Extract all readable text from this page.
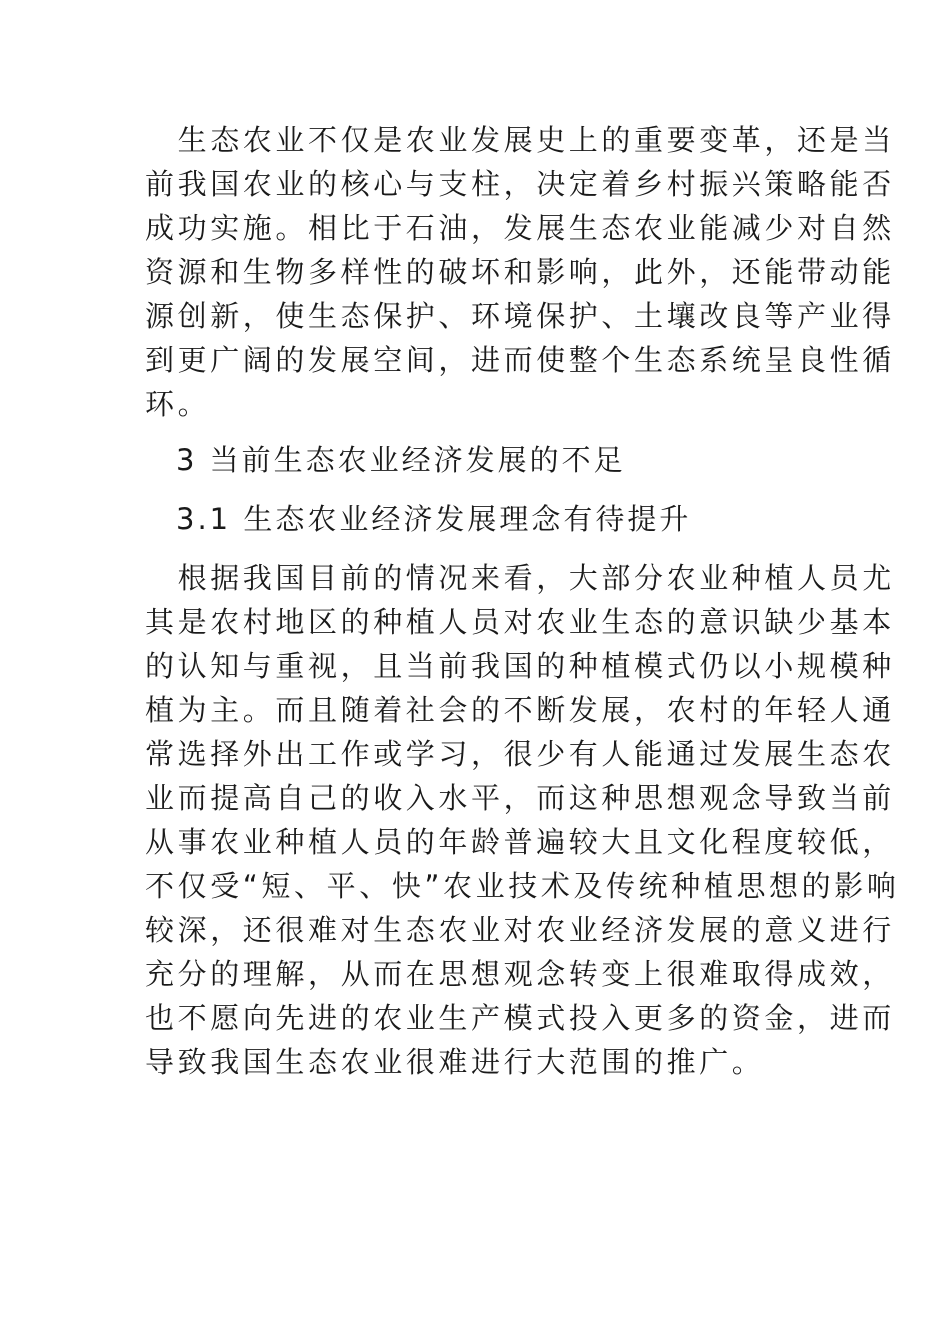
　生态农业不仅是农业发展史上的重要变革，还是当
前我国农业的核心与支柱，决定着乡村振兴策略能否
成功实施。相比于石油，发展生态农业能减少对自然
资源和生物多样性的破坏和影响，此外，还能带动能
源创新，使生态保护、环境保护、土壤改良等产业得
到更广阔的发展空间，进而使整个生态系统呈良性循
环。
3 当前生态农业经济发展的不足
3.1 生态农业经济发展理念有待提升
　根据我国目前的情况来看，大部分农业种植人员尤
其是农村地区的种植人员对农业生态的意识缺少基本
的认知与重视，且当前我国的种植模式仍以小规模种
植为主。而且随着社会的不断发展，农村的年轻人通
常选择外出工作或学习，很少有人能通过发展生态农
业而提高自己的收入水平，而这种思想观念导致当前
从事农业种植人员的年龄普遍较大且文化程度较低，
不仅受“短、平、快”农业技术及传统种植思想的影响
较深，还很难对生态农业对农业经济发展的意义进行
充分的理解，从而在思想观念转变上很难取得成效，
也不愿向先进的农业生产模式投入更多的资金，进而
导致我国生态农业很难进行大范围的推广。
